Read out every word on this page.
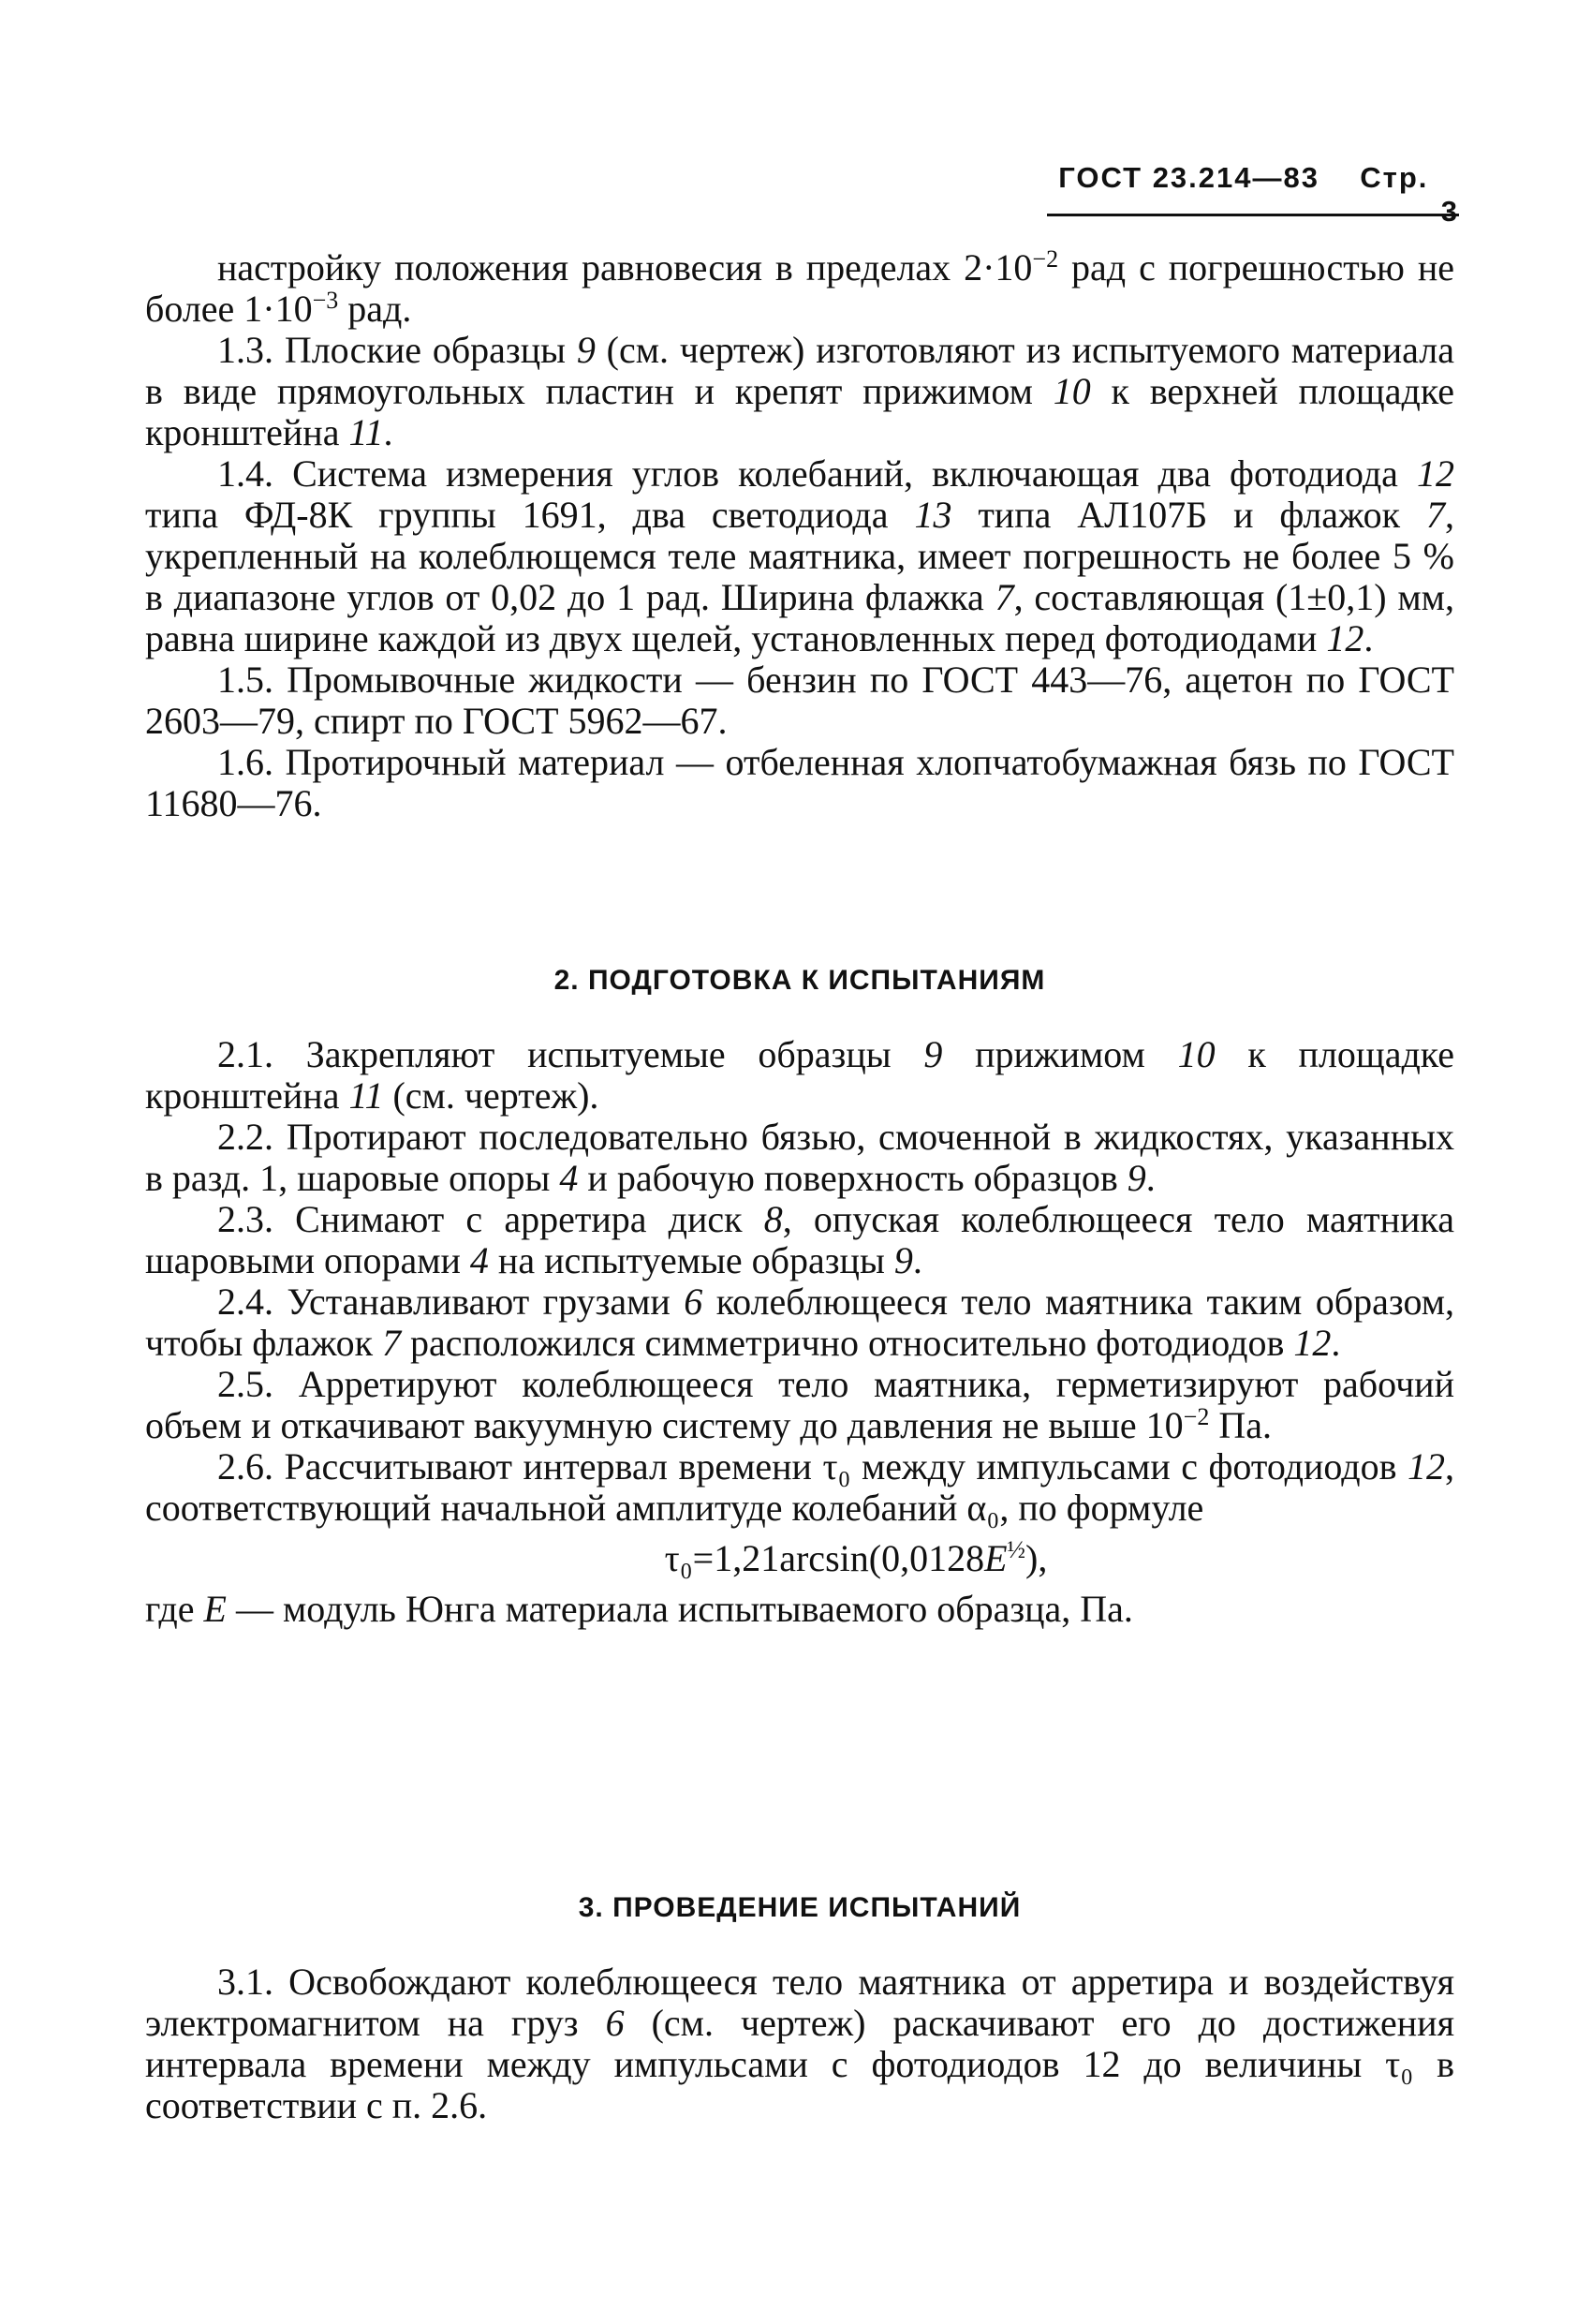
ГОСТ 23.214—83 Стр.  3

настройку положения равновесия в пределах $2\cdot 10^{-2}$ рад с погрешностью не более $1\cdot 10^{-3}$ рад.

1.3. Плоские образцы 9 (см. чертеж) изготовляют из испытуемого материала в виде прямоугольных пластин и крепят прижимом 10 к верхней площадке кронштейна 11.

1.4. Система измерения углов колебаний, включающая два фотодиода 12 типа ФД-8К группы 1691, два светодиода 13 типа АЛ107Б и флажок 7, укрепленный на колеблющемся теле маятника, имеет погрешность не более 5 % в диапазоне углов от 0,02 до 1 рад. Ширина флажка 7, составляющая (1±0,1) мм, равна ширине каждой из двух щелей, установленных перед фотодиодами 12.

1.5. Промывочные жидкости — бензин по ГОСТ 443—76, ацетон по ГОСТ 2603—79, спирт по ГОСТ 5962—67.

1.6. Протирочный материал — отбеленная хлопчатобумажная бязь по ГОСТ 11680—76.

2. ПОДГОТОВКА К ИСПЫТАНИЯМ

2.1. Закрепляют испытуемые образцы 9 прижимом 10 к площадке кронштейна 11 (см. чертеж).

2.2. Протирают последовательно бязью, смоченной в жидкостях, указанных в разд. 1, шаровые опоры 4 и рабочую поверхность образцов 9.

2.3. Снимают с арретира диск 8, опуская колеблющееся тело маятника шаровыми опорами 4 на испытуемые образцы 9.

2.4. Устанавливают грузами 6 колеблющееся тело маятника таким образом, чтобы флажок 7 расположился симметрично относительно фотодиодов 12.

2.5. Арретируют колеблющееся тело маятника, герметизируют рабочий объем и откачивают вакуумную систему до давления не выше $10^{-2}$ Па.

2.6. Рассчитывают интервал времени τ₀ между импульсами с фотодиодов 12, соответствующий начальной амплитуде колебаний α₀, по формуле

$\tau_0=1,21\arcsin(0,0128E^{\frac{1}{2}})$,

где E — модуль Юнга материала испытываемого образца, Па.

3. ПРОВЕДЕНИЕ ИСПЫТАНИЙ

3.1. Освобождают колеблющееся тело маятника от арретира и воздействуя электромагнитом на груз 6 (см. чертеж) раскачивают его до достижения интервала времени между импульсами с фотодиодов 12 до величины τ₀ в соответствии с п. 2.6.
